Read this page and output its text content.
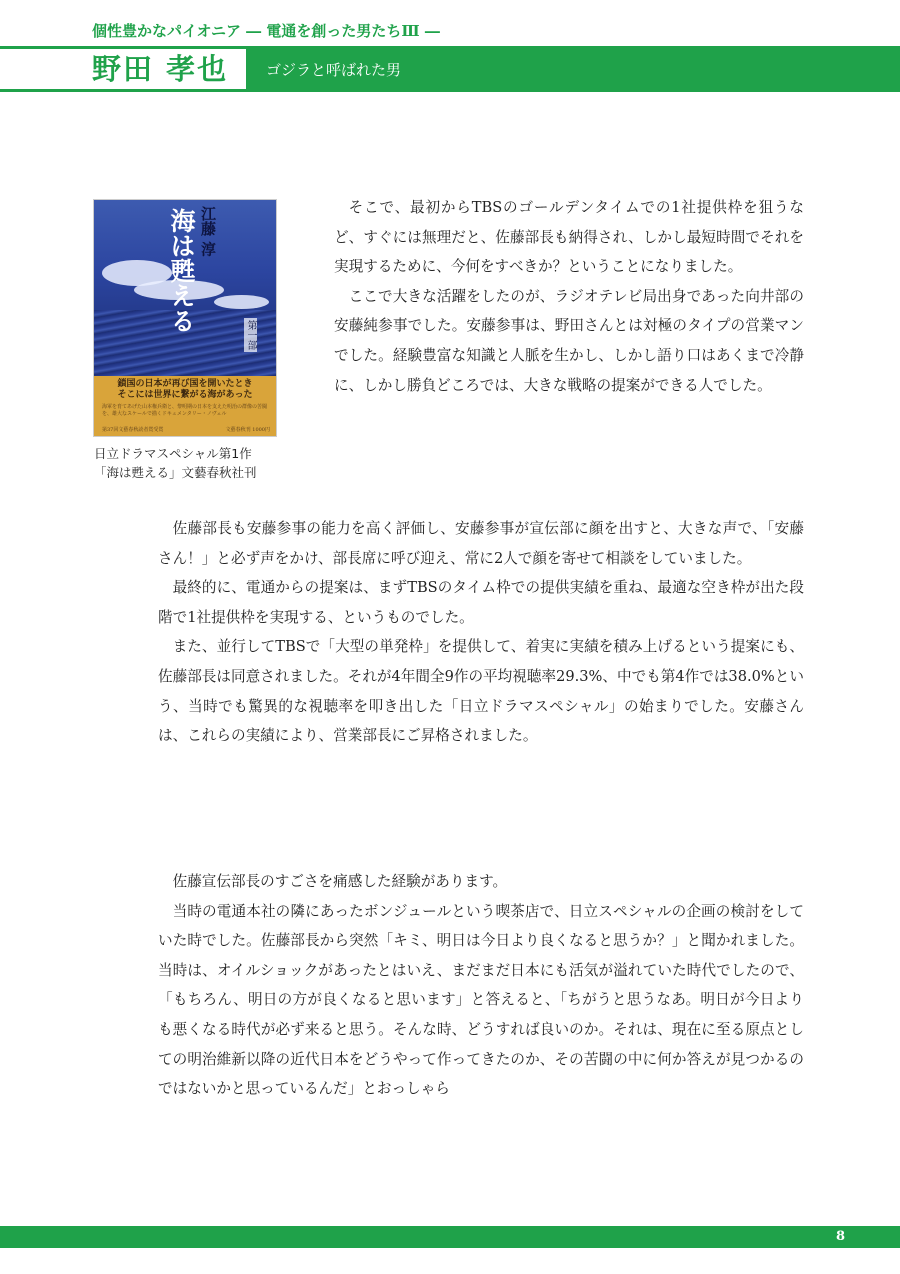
個性豊かなパイオニア ― 電通を創った男たちⅢ ―
野田 孝也	ゴジラと呼ばれた男
江藤 淳
海は甦える
第一部
鎖国の日本が再び国を開いたとき
そこには世界に繋がる海があった
海軍を育てあげた山本権兵衛と、黎明期の日本を支えた明治の群像の苦闘を、雄大なスケールで描くドキュメンタリー・ノヴェル
第37回文藝春秋読者賞受賞	文藝春秋刊 1000円
日立ドラマスペシャル第1作
「海は甦える」文藝春秋社刊

そこで、最初からTBSのゴールデンタイムでの1社提供枠を狙うなど、すぐには無理だと、佐藤部長も納得され、しかし最短時間でそれを実現するために、今何をすべきか？ということになりました。

ここで大きな活躍をしたのが、ラジオテレビ局出身であった向井部の安藤純参事でした。安藤参事は、野田さんとは対極のタイプの営業マンでした。経験豊富な知識と人脈を生かし、しかし語り口はあくまで冷静に、しかし勝負どころでは、大きな戦略の提案ができる人でした。

佐藤部長も安藤参事の能力を高く評価し、安藤参事が宣伝部に顔を出すと、大きな声で、「安藤さん！」と必ず声をかけ、部長席に呼び迎え、常に2人で顔を寄せて相談をしていました。

最終的に、電通からの提案は、まずTBSのタイム枠での提供実績を重ね、最適な空き枠が出た段階で1社提供枠を実現する、というものでした。

また、並行してTBSで「大型の単発枠」を提供して、着実に実績を積み上げるという提案にも、佐藤部長は同意されました。それが4年間全9作の平均視聴率29.3%、中でも第4作では38.0%という、当時でも驚異的な視聴率を叩き出した「日立ドラマスペシャル」の始まりでした。安藤さんは、これらの実績により、営業部長にご昇格されました。

佐藤宣伝部長のすごさを痛感した経験があります。

当時の電通本社の隣にあったボンジュールという喫茶店で、日立スペシャルの企画の検討をしていた時でした。佐藤部長から突然「キミ、明日は今日より良くなると思うか？」と聞かれました。当時は、オイルショックがあったとはいえ、まだまだ日本にも活気が溢れていた時代でしたので、「もちろん、明日の方が良くなると思います」と答えると、「ちがうと思うなあ。明日が今日よりも悪くなる時代が必ず来ると思う。そんな時、どうすれば良いのか。それは、現在に至る原点としての明治維新以降の近代日本をどうやって作ってきたのか、その苦闘の中に何か答えが見つかるのではないかと思っているんだ」とおっしゃら

8
